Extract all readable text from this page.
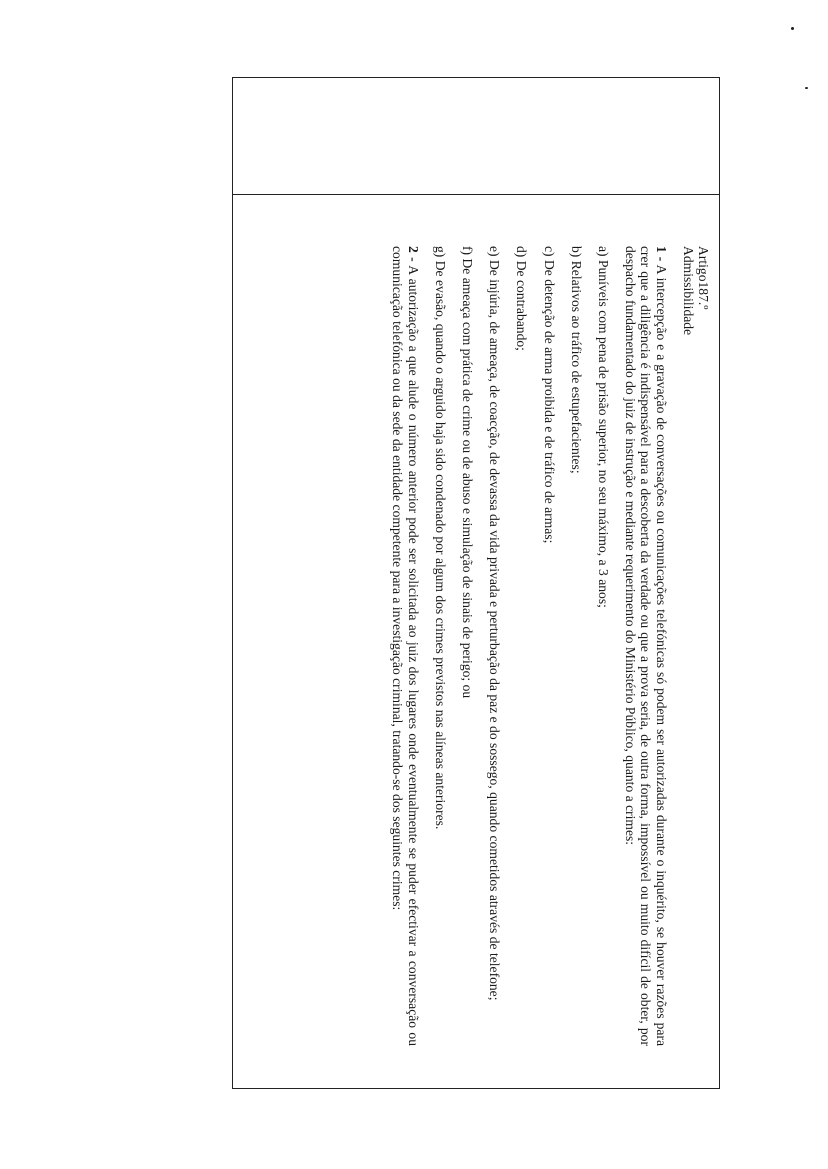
Artigo187.º

Admissibilidade

1 - A intercepção e a gravação de conversações ou comunicações telefónicas só podem ser autorizadas durante o inquérito, se houver razões para crer que a diligência é indispensável para a descoberta da verdade ou que a prova seria, de outra forma, impossível ou muito difícil de obter, por despacho fundamentado do juiz de instrução e mediante requerimento do Ministério Público, quanto a crimes:

a) Puníveis com pena de prisão superior, no seu máximo, a 3 anos;

b) Relativos ao tráfico de estupefacientes;

c) De detenção de arma proibida e de tráfico de armas;

d) De contrabando;

e) De injúria, de ameaça, de coacção, de devassa da vida privada e perturbação da paz e do sossego, quando cometidos através de telefone;

f) De ameaça com prática de crime ou de abuso e simulação de sinais de perigo; ou

g) De evasão, quando o arguido haja sido condenado por algum dos crimes previstos nas alíneas anteriores.

2 - A autorização a que alude o número anterior pode ser solicitada ao juiz dos lugares onde eventualmente se puder efectivar a conversação ou comunicação telefónica ou da sede da entidade competente para a investigação criminal, tratando-se dos seguintes crimes:
